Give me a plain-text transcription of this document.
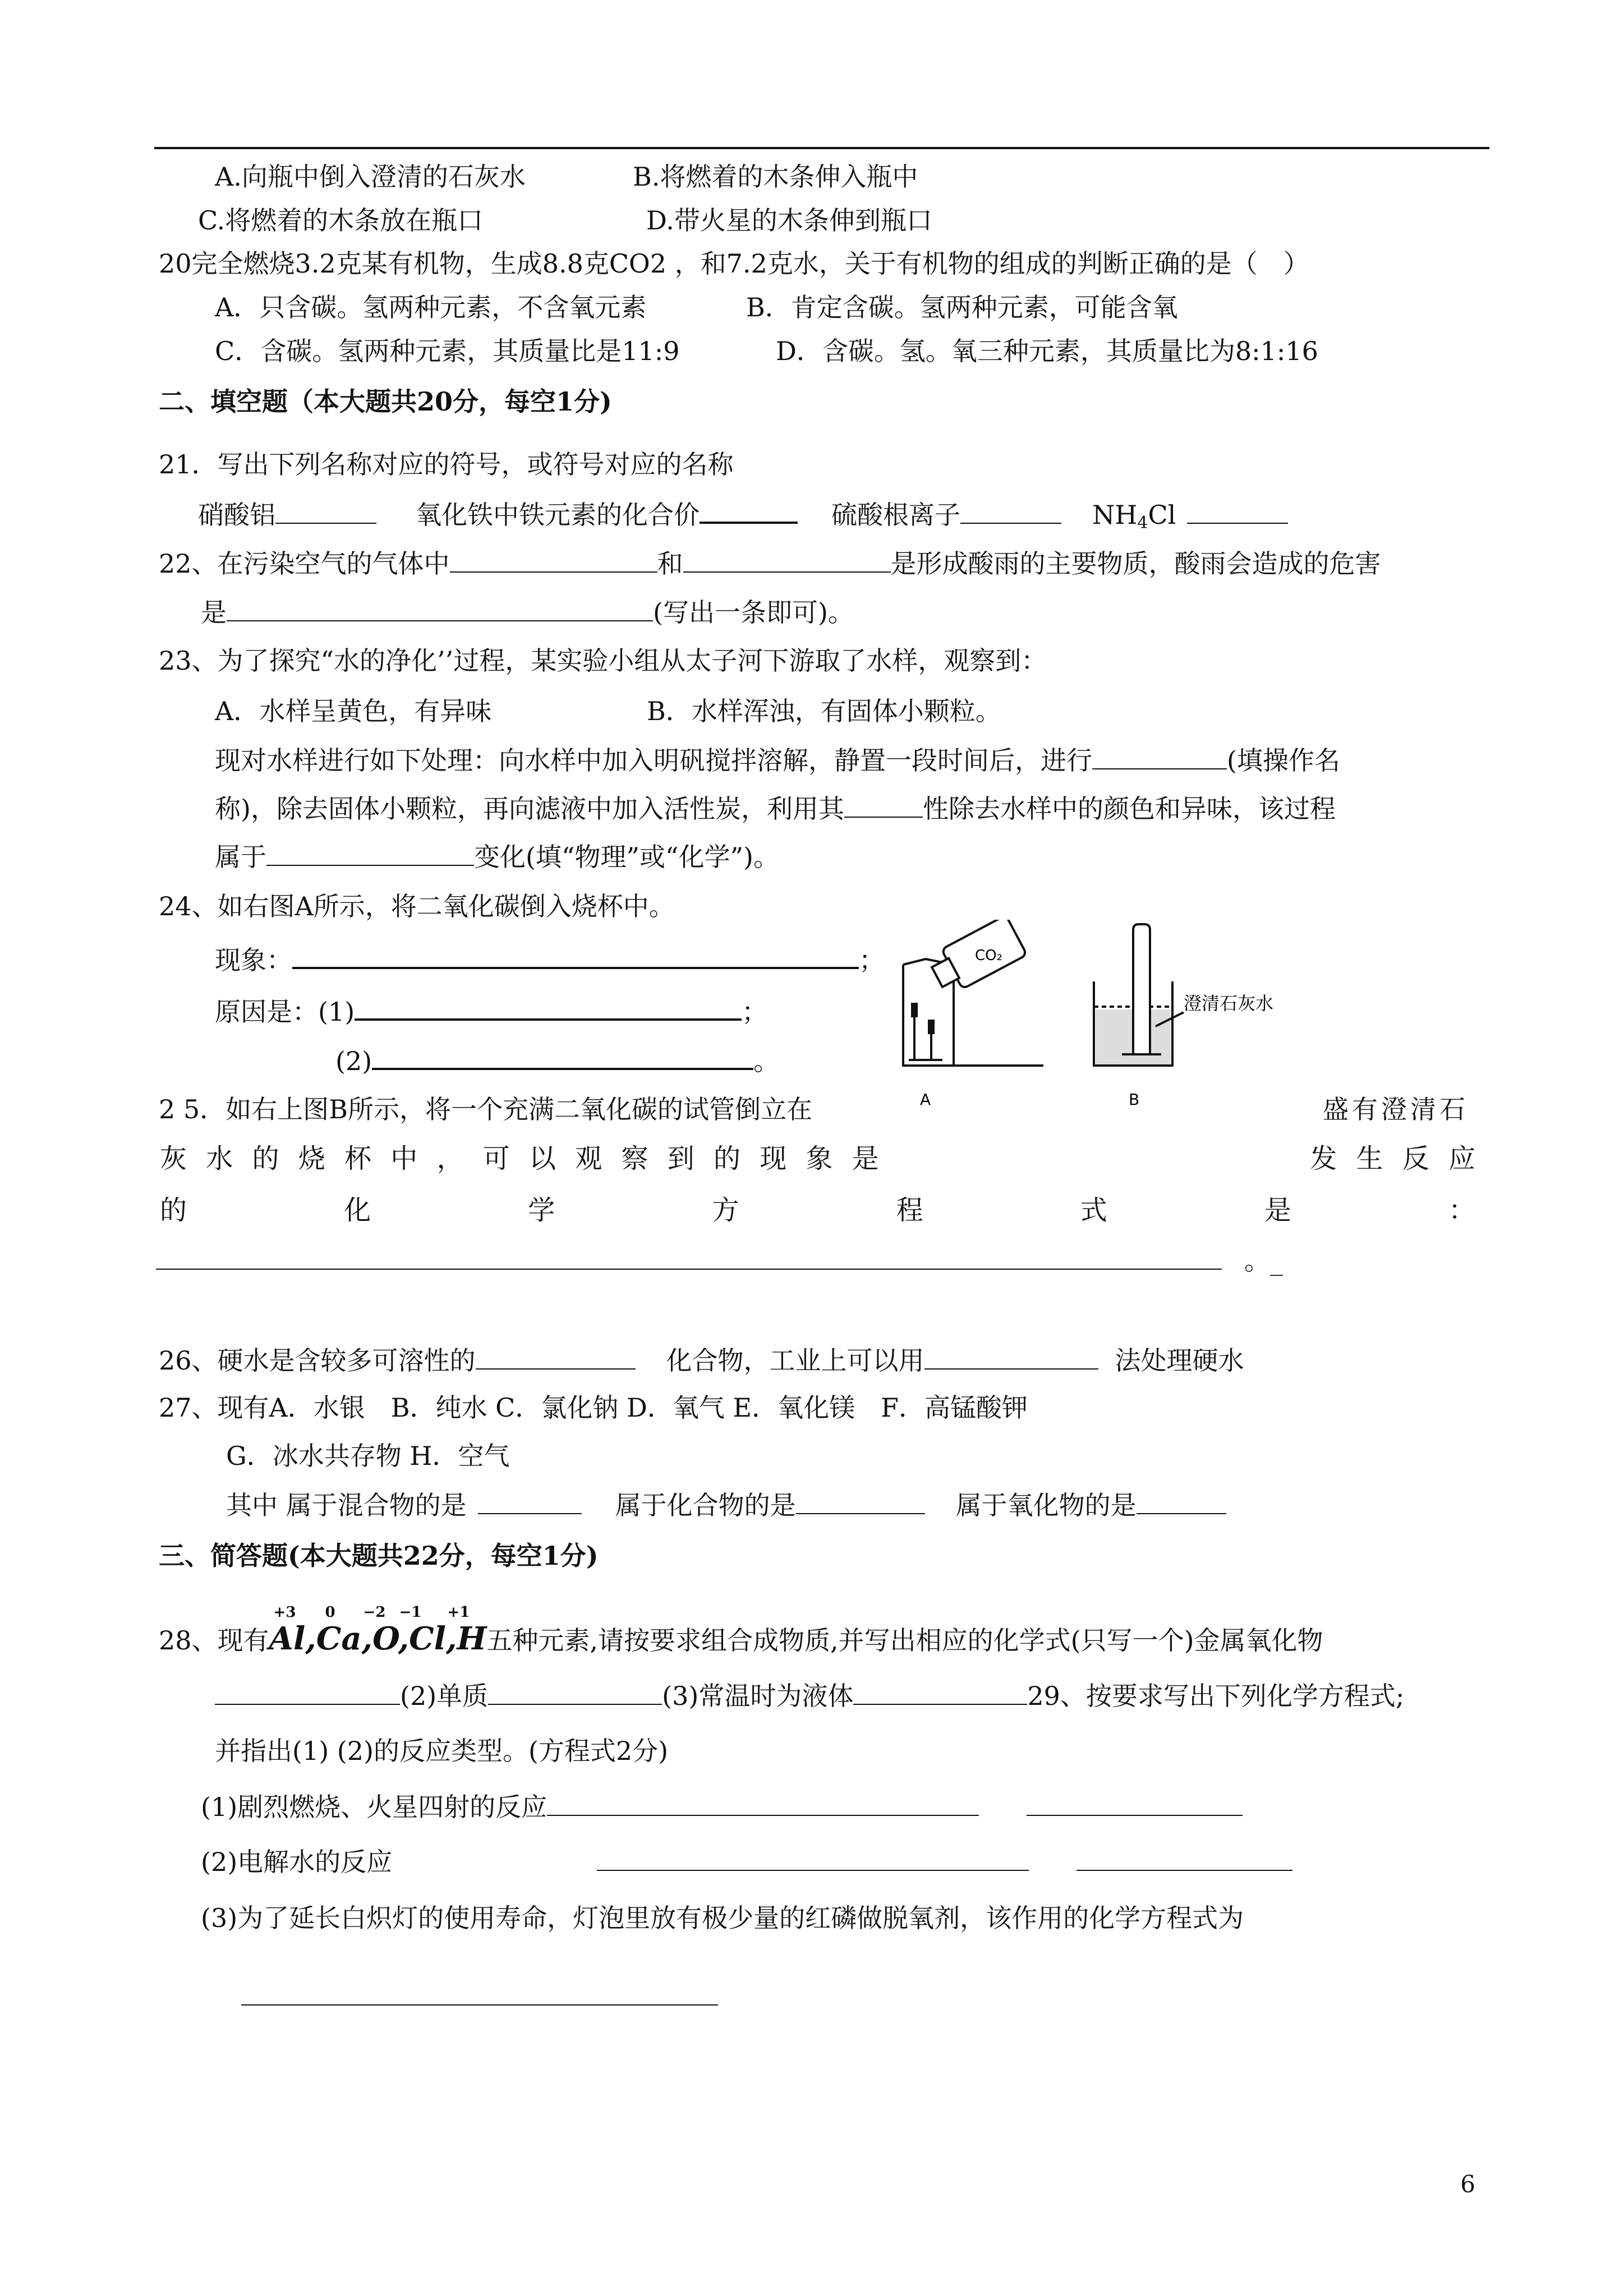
A.向瓶中倒入澄清的石灰水	B.将燃着的木条伸入瓶中
C.将燃着的木条放在瓶口	D.带火星的木条伸到瓶口
20完全燃烧3.2克某有机物，生成8.8克CO2 ，和7.2克水，关于有机物的组成的判断正确的是（　）
A．只含碳。氢两种元素，不含氧元素	B．肯定含碳。氢两种元素，可能含氧
C．含碳。氢两种元素，其质量比是11:9	D．含碳。氢。氧三种元素，其质量比为8:1:16
二、填空题（本大题共20分，每空1分)
21．写出下列名称对应的符号，或符号对应的名称
硝酸铝	氧化铁中铁元素的化合价	硫酸根离子	$NH_4Cl$
22、在污染空气的气体中	和	是形成酸雨的主要物质，酸雨会造成的危害
是	(写出一条即可)。
23、为了探究“水的净化’’过程，某实验小组从太子河下游取了水样，观察到：
A．水样呈黄色，有异味	B．水样浑浊，有固体小颗粒。
现对水样进行如下处理：向水样中加入明矾搅拌溶解，静置一段时间后，进行	(填操作名
称)，除去固体小颗粒，再向滤液中加入活性炭，利用其	性除去水样中的颜色和异味，该过程
属于	变化(填“物理”或“化学”)。
24、如右图A所示，将二氧化碳倒入烧杯中。
现象：	；
原因是：(1)	；
(2)	。
CO₂
澄清石灰水
A	B
2 5．如右上图B所示，将一个充满二氧化碳的试管倒立在	盛有澄清石
灰 水 的 烧 杯 中 ， 可 以 观 察 到 的 现 象 是	发 生 反 应
的	化	学	方	程	式	是	：
。_
26、硬水是含较多可溶性的	化合物，工业上可以用	法处理硬水
27、现有A．水银　B．纯水 C．氯化钠 D．氧气 E．氧化镁　F．高锰酸钾
G．冰水共存物 H．空气
其中 属于混合物的是	属于化合物的是	属于氧化物的是
三、简答题(本大题共22分，每空1分)
28、现有
+3 0 −2 −1 +1
Al,Ca,O,Cl,H五种元素,请按要求组合成物质,并写出相应的化学式(只写一个)金属氧化物
(2)单质	(3)常温时为液体	29、按要求写出下列化学方程式;
并指出(1) (2)的反应类型。(方程式2分)
(1)剧烈燃烧、火星四射的反应
(2)电解水的反应
(3)为了延长白炽灯的使用寿命，灯泡里放有极少量的红磷做脱氧剂，该作用的化学方程式为
6
